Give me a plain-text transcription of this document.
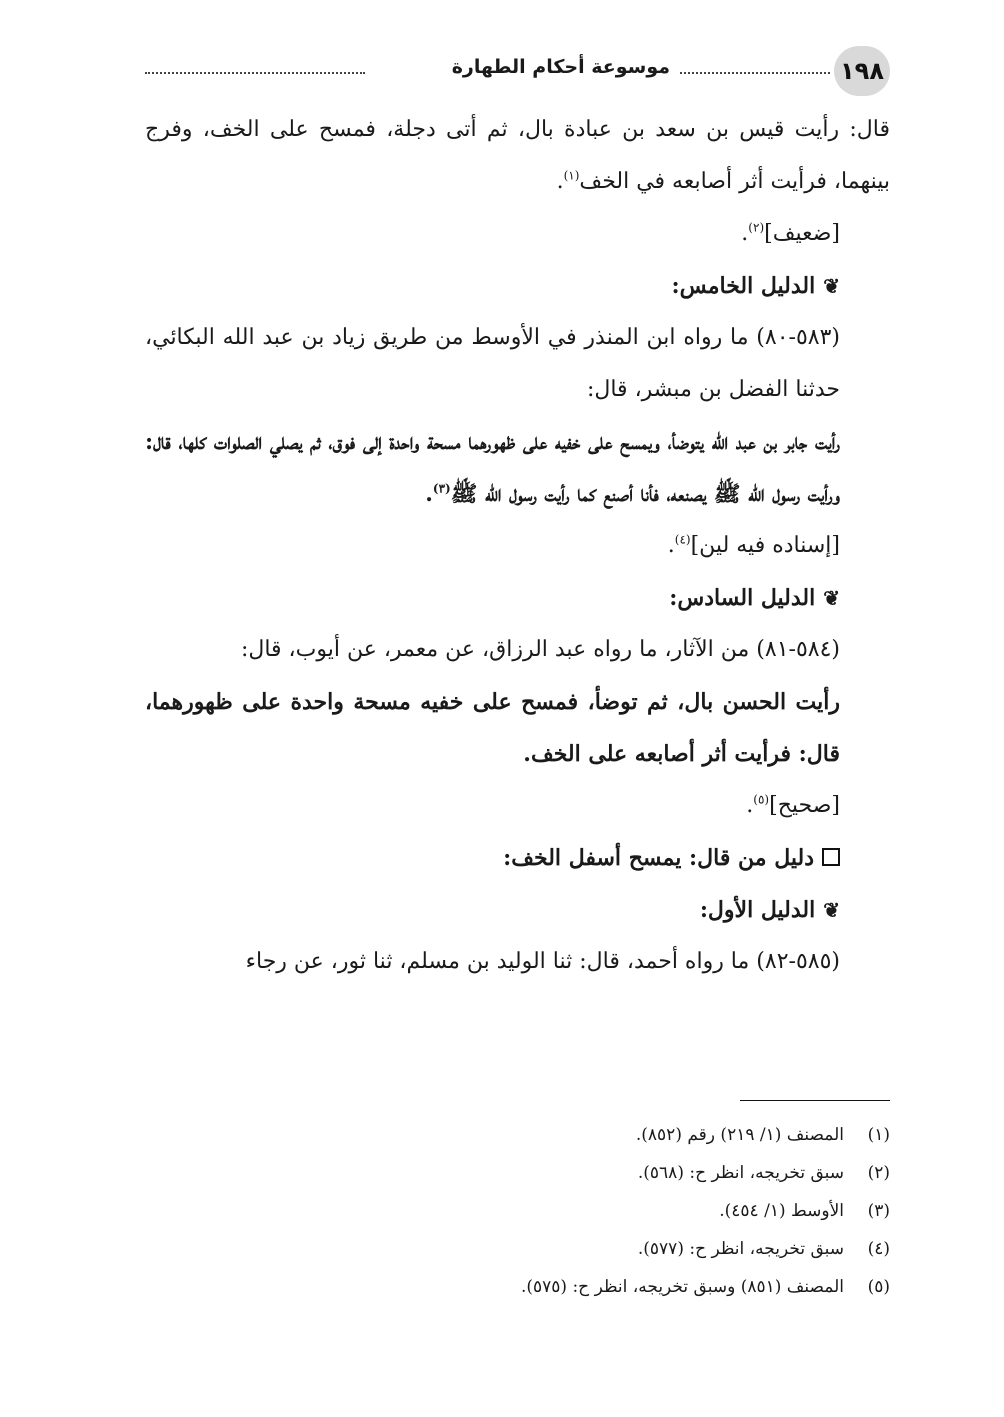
١٩٨
موسوعة أحكام الطهارة

قال: رأيت قيس بن سعد بن عبادة بال، ثم أتى دجلة، فمسح على الخف، وفرج بينهما، فرأيت أثر أصابعه في الخف$^{(١)}$.

[ضعيف]$^{(٢)}$.

❦الدليل الخامس:

(٥٨٣-٨٠) ما رواه ابن المنذر في الأوسط من طريق زياد بن عبد الله البكائي، حدثنا الفضل بن مبشر، قال:

رأيت جابر بن عبد الله يتوضأ، ويمسح على خفيه على ظهورهما مسحة واحدة إلى فوق، ثم يصلي الصلوات كلها، قال: ورأيت رسول الله ﷺ يصنعه، فأنا أصنع كما رأيت رسول الله ﷺ$^{(٣)}$.

[إسناده فيه لين]$^{(٤)}$.

❦الدليل السادس:

(٥٨٤-٨١) من الآثار، ما رواه عبد الرزاق، عن معمر، عن أيوب، قال:

رأيت الحسن بال، ثم توضأ، فمسح على خفيه مسحة واحدة على ظهورهما، قال: فرأيت أثر أصابعه على الخف.

[صحيح]$^{(٥)}$.

دليل من قال: يمسح أسفل الخف:

❦الدليل الأول:

(٥٨٥-٨٢) ما رواه أحمد، قال: ثنا الوليد بن مسلم، ثنا ثور، عن رجاء

(١)المصنف (١/ ٢١٩) رقم (٨٥٢).

(٢)سبق تخريجه، انظر ح: (٥٦٨).

(٣)الأوسط (١/ ٤٥٤).

(٤)سبق تخريجه، انظر ح: (٥٧٧).

(٥)المصنف (٨٥١) وسبق تخريجه، انظر ح: (٥٧٥).
